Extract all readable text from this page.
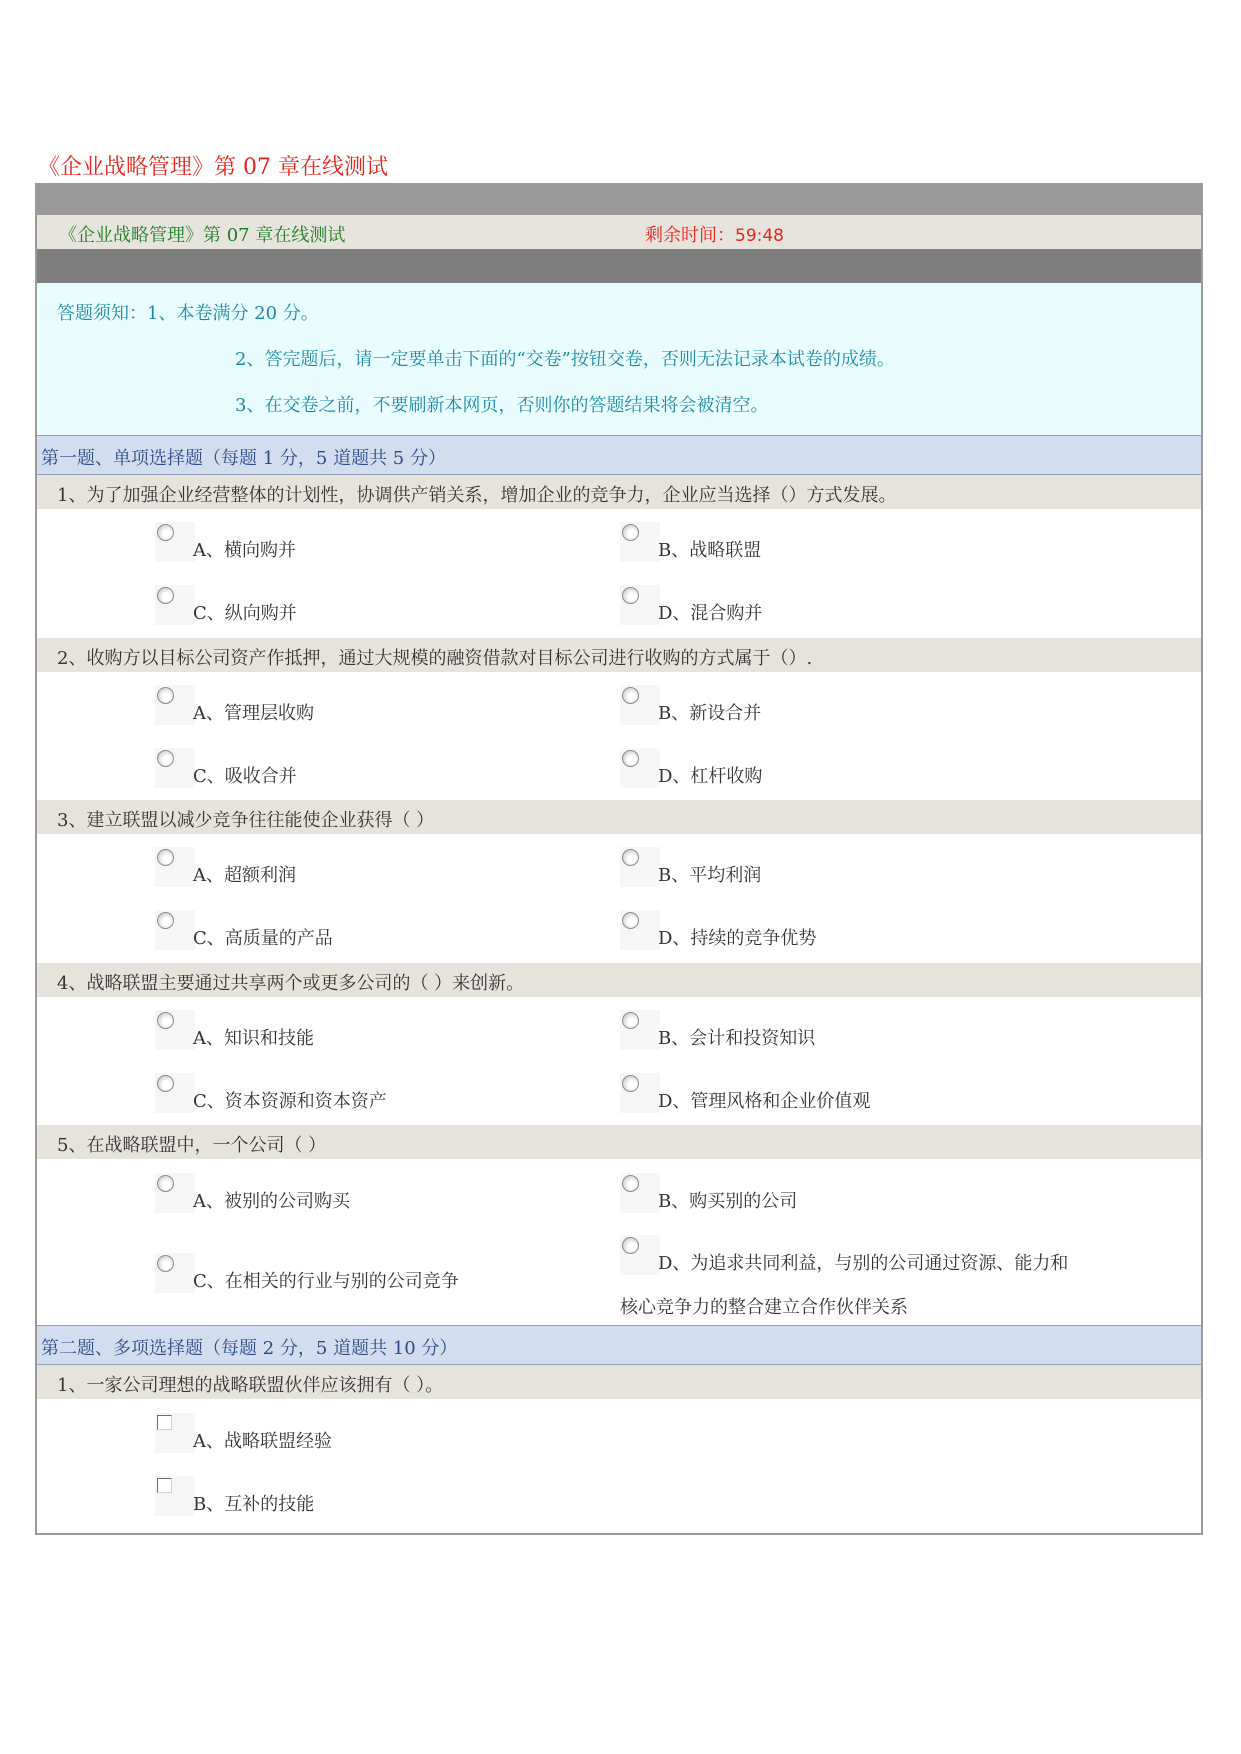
《企业战略管理》第 07 章在线测试
《企业战略管理》第 07 章在线测试	剩余时间：59:48
答题须知：1、本卷满分 20 分。
2、答完题后，请一定要单击下面的“交卷”按钮交卷，否则无法记录本试卷的成绩。
3、在交卷之前，不要刷新本网页，否则你的答题结果将会被清空。
第一题、单项选择题（每题 1 分，5 道题共 5 分）
1、为了加强企业经营整体的计划性，协调供产销关系，增加企业的竞争力，企业应当选择（）方式发展。
A、横向购并	B、战略联盟
C、纵向购并	D、混合购并
2、收购方以目标公司资产作抵押，通过大规模的融资借款对目标公司进行收购的方式属于（）.
A、管理层收购	B、新设合并
C、吸收合并	D、杠杆收购
3、建立联盟以减少竞争往往能使企业获得（ ）
A、超额利润	B、平均利润
C、高质量的产品	D、持续的竞争优势
4、战略联盟主要通过共享两个或更多公司的（ ）来创新。
A、知识和技能	B、会计和投资知识
C、资本资源和资本资产	D、管理风格和企业价值观
5、在战略联盟中，一个公司（ ）
A、被别的公司购买	B、购买别的公司
C、在相关的行业与别的公司竞争
D、为追求共同利益，与别的公司通过资源、能力和
核心竞争力的整合建立合作伙伴关系
第二题、多项选择题（每题 2 分，5 道题共 10 分）
1、一家公司理想的战略联盟伙伴应该拥有（ ）。
A、战略联盟经验
B、互补的技能
